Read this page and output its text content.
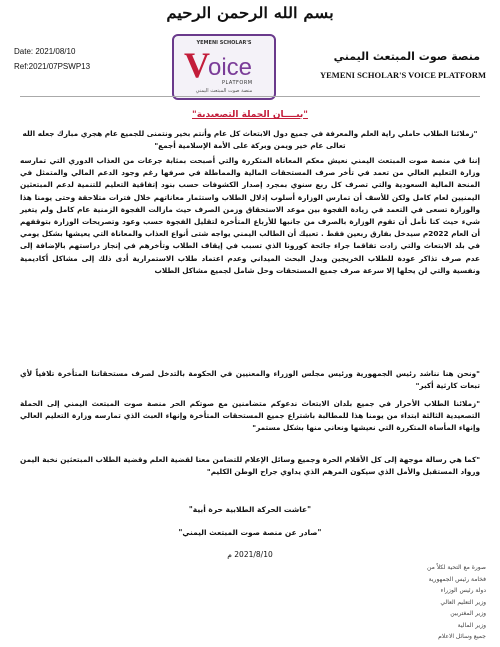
بسم الله الرحمن الرحيم
Date: 2021/08/10
Ref:2021/07PSWP13
YEMENI SCHOLAR'S
V
oice
PLATFORM
منصة صوت المبتعث اليمني
منصة صوت المبتعث اليمني
YEMENI SCHOLAR'S VOICE PLATFORM
"بيــــان الحملة التصعيدية"
"زملائنا الطلاب حاملي راية العلم والمعرفة في جميع دول الابتعاث كل عام وأنتم بخير ونتمنى للجميع عام هجري مبارك جعله الله تعالى عام خير ويمن وبركة على الأمة الإسلامية أجمع"
إننا في منصة صوت المبتعث اليمني نعيش معكم المعاناة المتكررة والتي أصبحت بمثابة جرعات من العذاب الدوري التي تمارسه وزارة التعليم العالي من تعمد في تأخر صرف المستحقات المالية والمماطلة في صرفها رغم وجود الدعم المالي والمتمثل في المنحة المالية السعودية والتي تصرف كل ربع سنوي بمجرد إصدار الكشوفات حسب بنود إتفاقية التعليم للتنمية لدعم المبتعثين اليمنيين لعام كامل ولكن للأسف أن تمارس الوزارة أسلوب إذلال الطلاب واستثمار معاناتهم خلال فترات متلاحقة وحتى يومنا هذا والوزارة تسعى في التعمد في زيادة الفجوة بين موعد الاستحقاق وزمن الصرف حيث مازالت الفجوة الزمنية عام كامل ولم يتغير شيء حيث كنا نأمل أن تقوم الوزارة بالصرف من جانبها للأرباع المتأخرة لتقليل الفجوة حسب وعود وتصريحات الوزارة بتوقفهم أن العام 2022م سيدخل بفارق ربعين فقط . تعبيك أن الطالب اليمني يواجه شتى أنواع العذاب والمعاناة التي يعيشها بشكل يومي في بلد الابتعاث والتي زادت تفاقما جراء جائحة كورونا الذي تسبب في إيقاف الطلاب وتأخرهم في إنجاز دراستهم بالإضافة إلى عدم صرف تذاكر عودة للطلاب الخريجين وبدل البحث الميداني وعدم اعتماد طلاب الاستمرارية أدى ذلك إلى مشاكل أكاديمية ونفسية والتي لن يحلها إلا سرعة صرف جميع المستحقات وحل شامل لجميع مشاكل الطلاب
"ونحن هنا نناشد رئيس الجمهورية ورئيس مجلس الوزراء والمعنيين في الحكومة بالتدخل لصرف مستحقاتنا المتأخرة تلافياً لأي تبعات كارثية أكبر"
"زملائنا الطلاب الأحرار في جميع بلدان الابتعاث ندعوكم متضامنين مع صوتكم الحر منصة صوت المبتعث اليمني إلى الحملة التصعيدية الثالثة ابتداء من يومنا هذا للمطالبة باشتراع جميع المستحقات المتأخرة وإنهاء العبث الذي تمارسه وزارة التعليم العالي وإنهاء المأساة المتكررة التي نعيشها ونعاني منها بشكل مستمر"
"كما هي رسالة موجهة إلى كل الأقلام الحرة وجميع وسائل الإعلام للتضامن معنا لقضية العلم وقضية الطلاب المبتعثين نخبة اليمن ورواد المستقبل والأمل الذي سيكون المرهم الذي يداوي جراح الوطن الكليم"
"عاشت الحركة الطلابية حرة أبية"
"صادر عن منصة صوت المبتعث اليمني"
2021/8/10 م
صورة مع التحية لكلاً من
فخامة رئيس الجمهورية
دولة رئيس الوزراء
وزير التعليم العالي
وزير المغتربين
وزير المالية
جميع وسائل الاعلام
